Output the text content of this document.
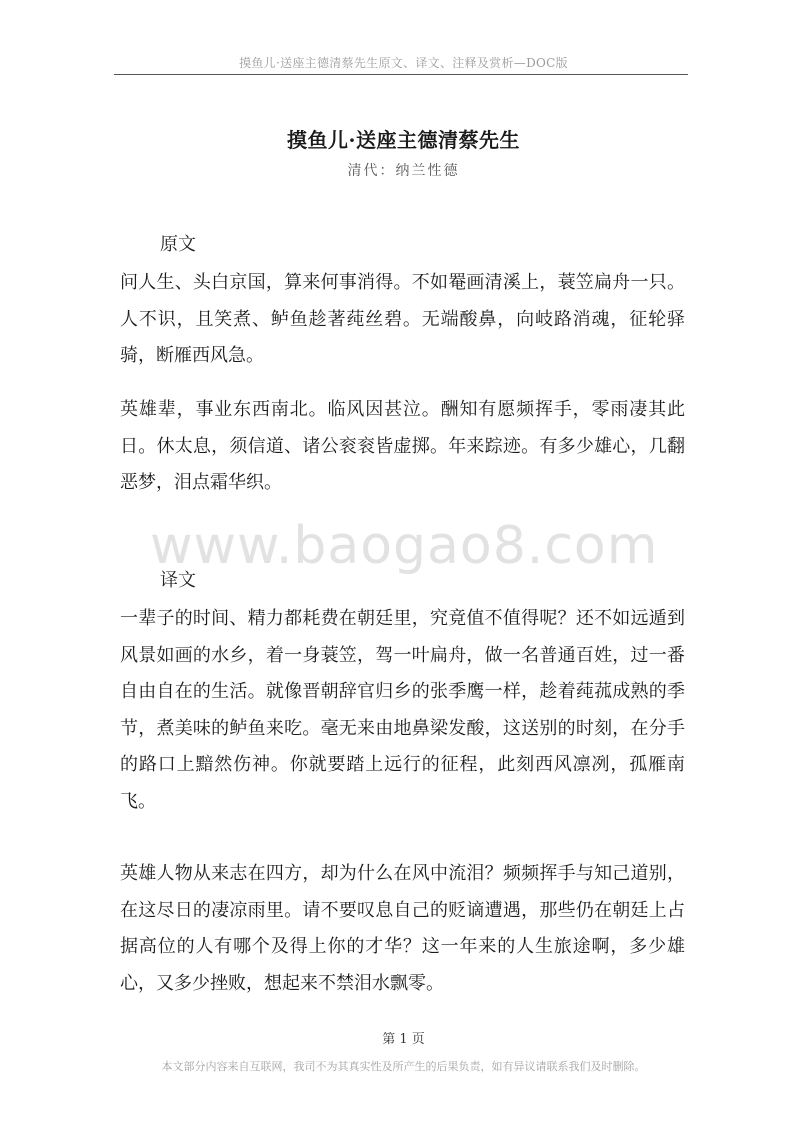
摸鱼儿·送座主德清蔡先生原文、译文、注释及赏析—DOC版
摸鱼儿·送座主德清蔡先生
清代：纳兰性德
原文
问人生、头白京国，算来何事消得。不如罨画清溪上，蓑笠扁舟一只。人不识，且笑煮、鲈鱼趁著莼丝碧。无端酸鼻，向岐路消魂，征轮驿骑，断雁西风急。
英雄辈，事业东西南北。临风因甚泣。酬知有愿频挥手，零雨凄其此日。休太息，须信道、诸公衮衮皆虚掷。年来踪迹。有多少雄心，几翻恶梦，泪点霜华织。
www.baogao8.com
译文
一辈子的时间、精力都耗费在朝廷里，究竟值不值得呢？还不如远遁到风景如画的水乡，着一身蓑笠，驾一叶扁舟，做一名普通百姓，过一番自由自在的生活。就像晋朝辞官归乡的张季鹰一样，趁着莼菰成熟的季节，煮美味的鲈鱼来吃。毫无来由地鼻梁发酸，这送别的时刻，在分手的路口上黯然伤神。你就要踏上远行的征程，此刻西风凛冽，孤雁南飞。
英雄人物从来志在四方，却为什么在风中流泪？频频挥手与知己道别，在这尽日的凄凉雨里。请不要叹息自己的贬谪遭遇，那些仍在朝廷上占据高位的人有哪个及得上你的才华？这一年来的人生旅途啊，多少雄心，又多少挫败，想起来不禁泪水飘零。
第 1 页
本文部分内容来自互联网，我司不为其真实性及所产生的后果负责，如有异议请联系我们及时删除。
